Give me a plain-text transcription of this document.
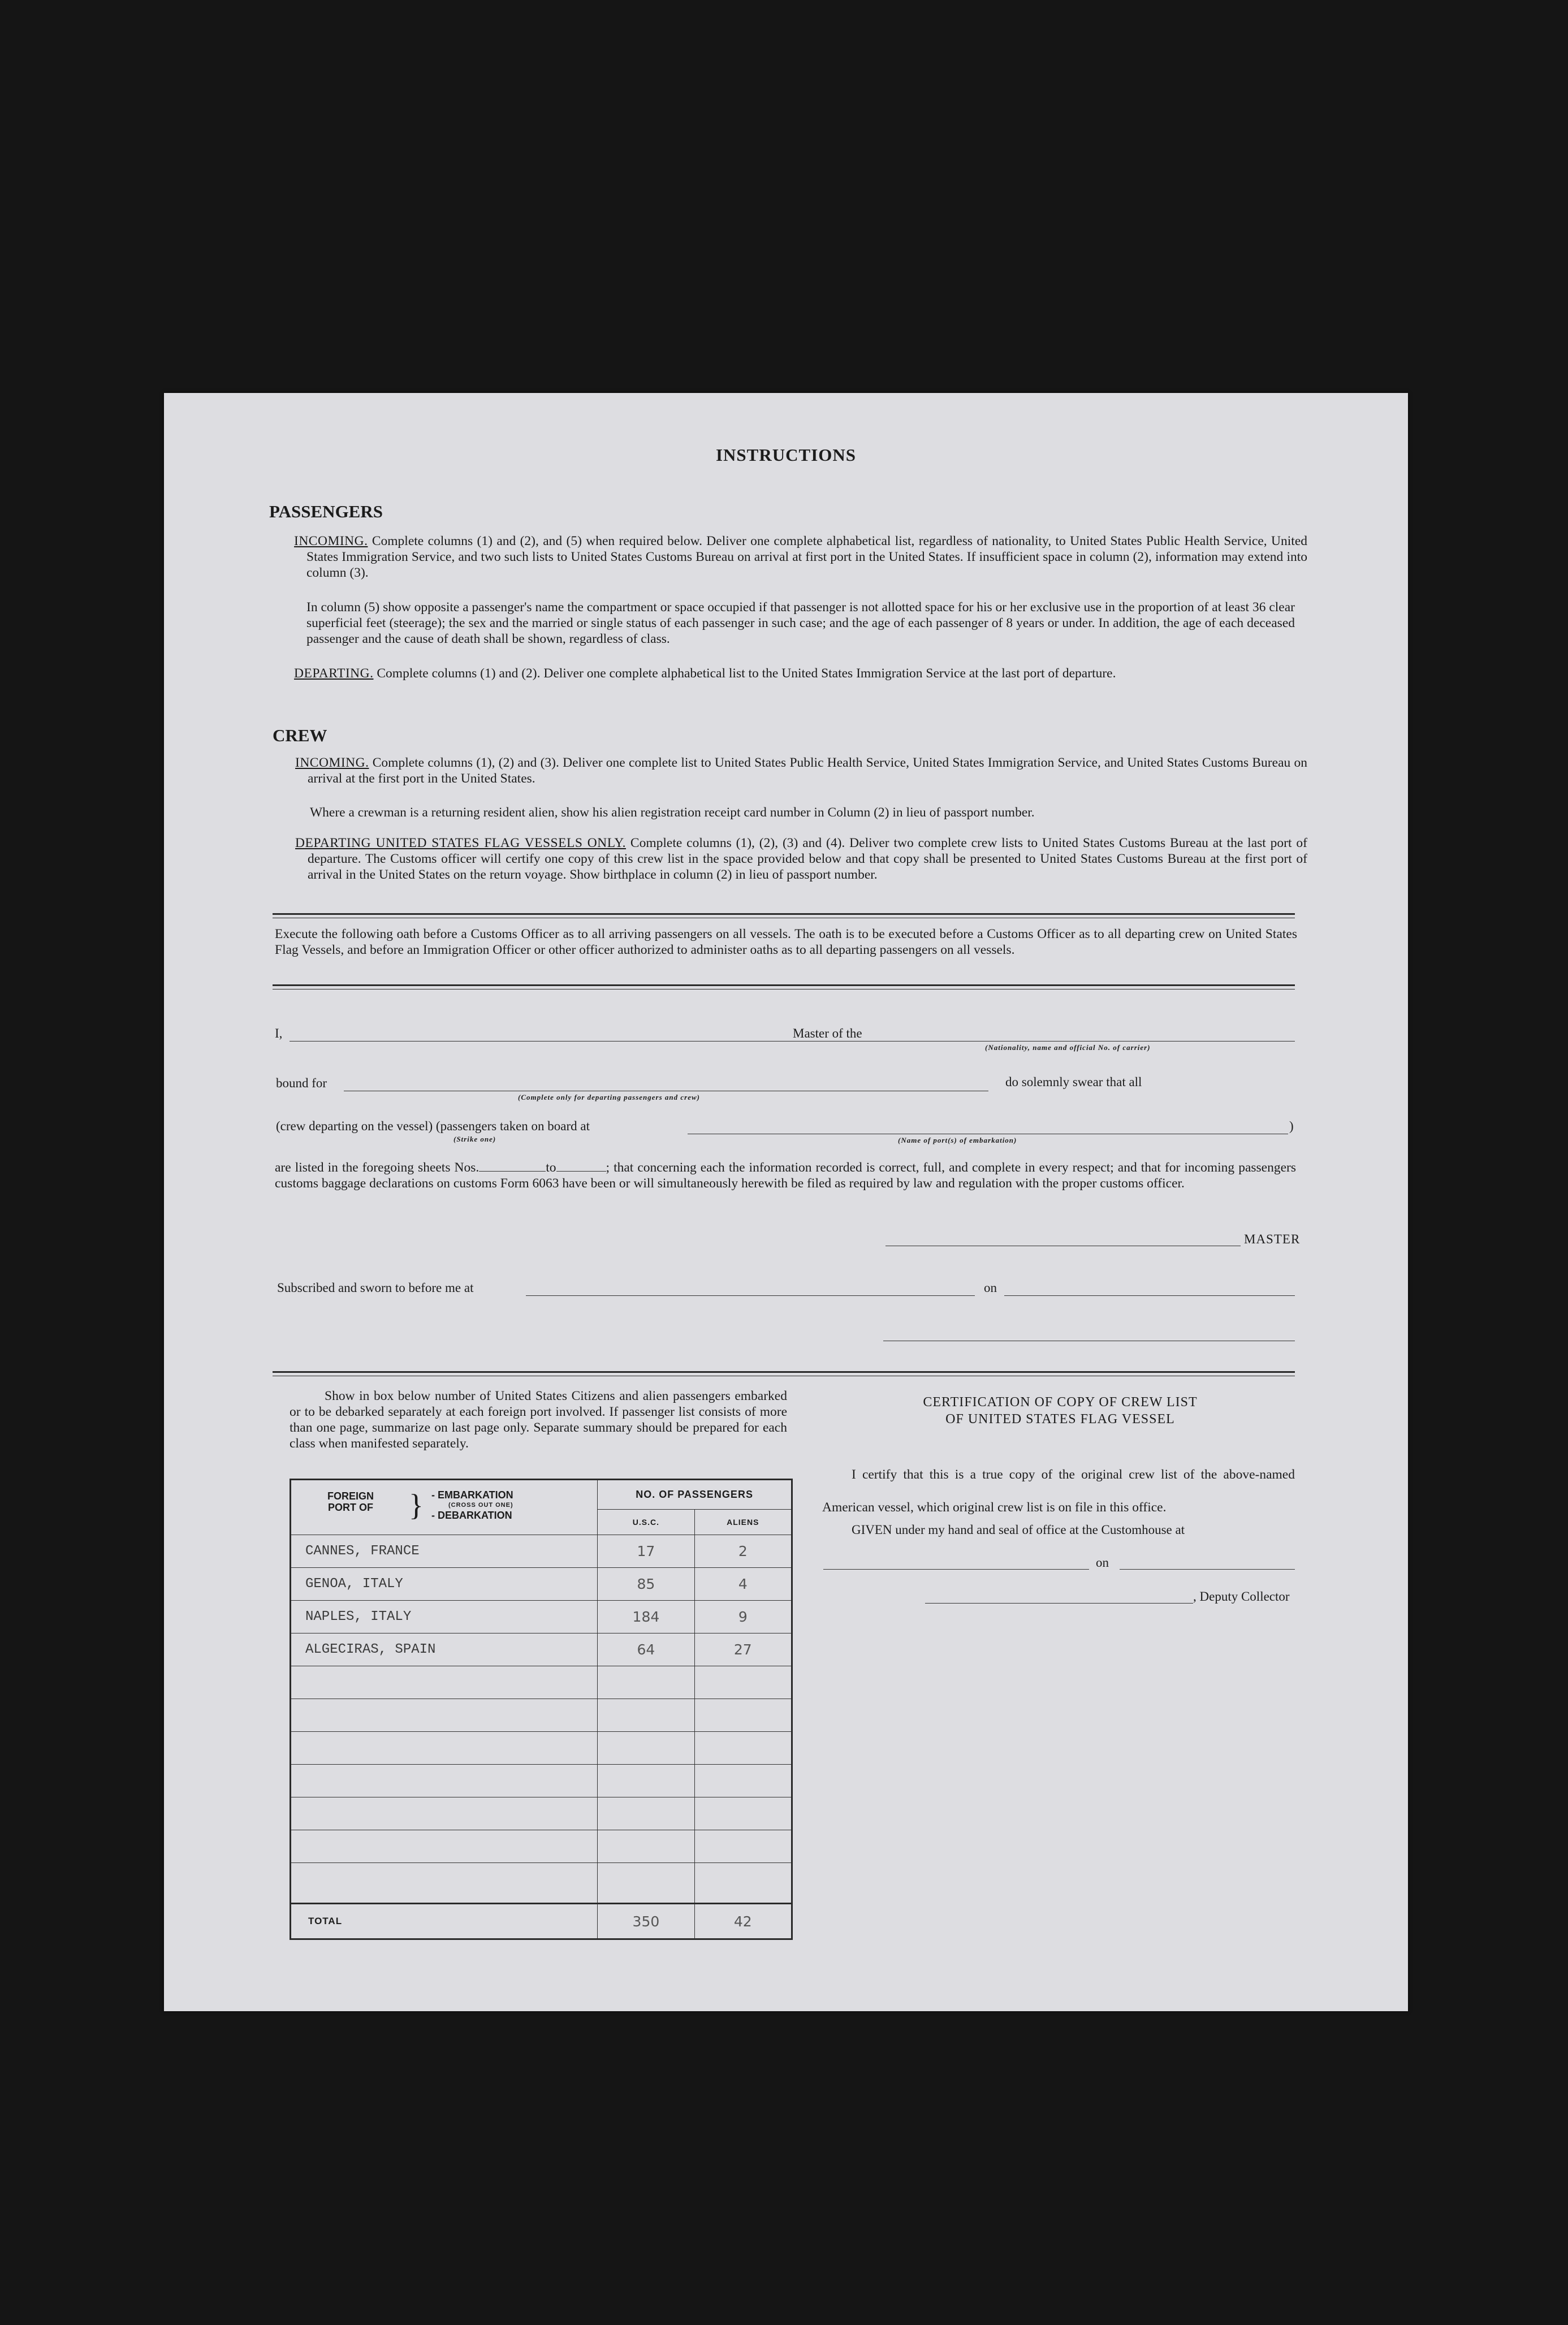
INSTRUCTIONS
PASSENGERS
INCOMING. Complete columns (1) and (2), and (5) when required below. Deliver one complete alphabetical list, regardless of nationality, to United States Public Health Service, United States Immigration Service, and two such lists to United States Customs Bureau on arrival at first port in the United States. If insufficient space in column (2), information may extend into column (3).
In column (5) show opposite a passenger's name the compartment or space occupied if that passenger is not allotted space for his or her exclusive use in the proportion of at least 36 clear superficial feet (steerage); the sex and the married or single status of each passenger in such case; and the age of each passenger of 8 years or under. In addition, the age of each deceased passenger and the cause of death shall be shown, regardless of class.
DEPARTING. Complete columns (1) and (2). Deliver one complete alphabetical list to the United States Immigration Service at the last port of departure.
CREW
INCOMING. Complete columns (1), (2) and (3). Deliver one complete list to United States Public Health Service, United States Immigration Service, and United States Customs Bureau on arrival at the first port in the United States.
Where a crewman is a returning resident alien, show his alien registration receipt card number in Column (2) in lieu of passport number.
DEPARTING UNITED STATES FLAG VESSELS ONLY. Complete columns (1), (2), (3) and (4). Deliver two complete crew lists to United States Customs Bureau at the last port of departure. The Customs officer will certify one copy of this crew list in the space provided below and that copy shall be presented to United States Customs Bureau at the first port of arrival in the United States on the return voyage. Show birthplace in column (2) in lieu of passport number.
Execute the following oath before a Customs Officer as to all arriving passengers on all vessels. The oath is to be executed before a Customs Officer as to all departing crew on United States Flag Vessels, and before an Immigration Officer or other officer authorized to administer oaths as to all departing passengers on all vessels.
I,	Master of the
(Nationality, name and official No. of carrier)
bound for
(Complete only for departing passengers and crew)
do solemnly swear that all
(crew departing on the vessel) (passengers taken on board at	)
(Strike one)	(Name of port(s) of embarkation)
are listed in the foregoing sheets Nos.	to	; that concerning each the information recorded is correct, full, and complete in every respect; and that for incoming passengers customs baggage declarations on customs Form 6063 have been or will simultaneously herewith be filed as required by law and regulation with the proper customs officer.
MASTER
Subscribed and sworn to before me at	on
Show in box below number of United States Citizens and alien passengers embarked or to be debarked separately at each foreign port involved. If passenger list consists of more than one page, summarize on last page only. Separate summary should be prepared for each class when manifested separately.
FOREIGN PORT OF } - EMBARKATION
(CROSS OUT ONE)
- DEBARKATION	NO. OF PASSENGERS	
	U.S.C.	ALIENS
CANNES, FRANCE	17	2
GENOA, ITALY	85	4
NAPLES, ITALY	184	9
ALGECIRAS, SPAIN	64	27

TOTAL	350	42
CERTIFICATION OF COPY OF CREW LIST
OF UNITED STATES FLAG VESSEL
I certify that this is a true copy of the original crew list of the above-named American vessel, which original crew list is on file in this office.
GIVEN under my hand and seal of office at the Customhouse at
on
, Deputy Collector
